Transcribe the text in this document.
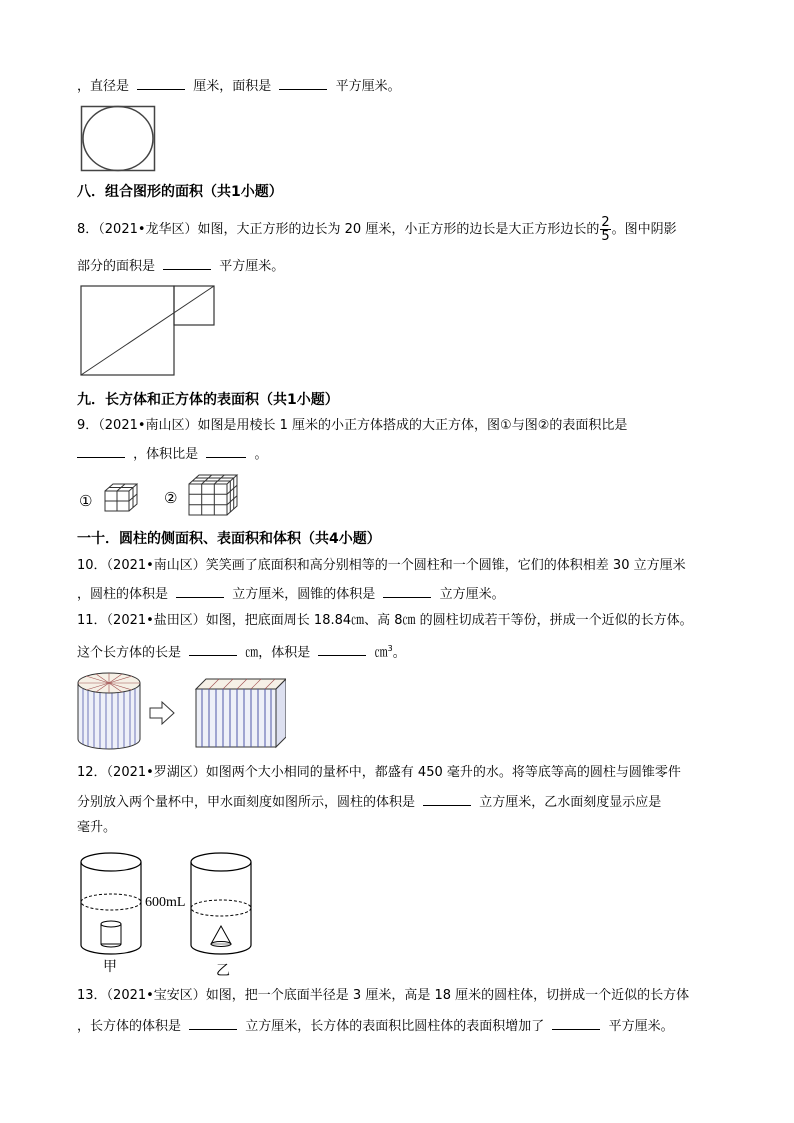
，直径是	厘米，面积是	平方厘米。
八．组合图形的面积（共1小题）
8．（2021•龙华区）如图，大正方形的边长为 20 厘米，小正方形的边长是大正方形边长的 $\frac{2}{5}$ 。图中阴影
部分的面积是	平方厘米。
九．长方体和正方体的表面积（共1小题）
9．（2021•南山区）如图是用棱长 1 厘米的小正方体搭成的大正方体，图①与图②的表面积比是
，体积比是	。
①	②
一十．圆柱的侧面积、表面积和体积（共4小题）
10．（2021•南山区）笑笑画了底面积和高分别相等的一个圆柱和一个圆锥，它们的体积相差 30 立方厘米
，圆柱的体积是	立方厘米，圆锥的体积是	立方厘米。
11．（2021•盐田区）如图，把底面周长 18.84㎝、高 8㎝ 的圆柱切成若干等份，拼成一个近似的长方体。
这个长方体的长是	㎝，体积是	㎝$^3$。
12．（2021•罗湖区）如图两个大小相同的量杯中，都盛有 450 毫升的水。将等底等高的圆柱与圆锥零件
分别放入两个量杯中，甲水面刻度如图所示，圆柱的体积是	立方厘米，乙水面刻度显示应是
毫升。
600mL
甲	乙
13．（2021•宝安区）如图，把一个底面半径是 3 厘米，高是 18 厘米的圆柱体，切拼成一个近似的长方体
，长方体的体积是	立方厘米，长方体的表面积比圆柱体的表面积增加了	平方厘米。
